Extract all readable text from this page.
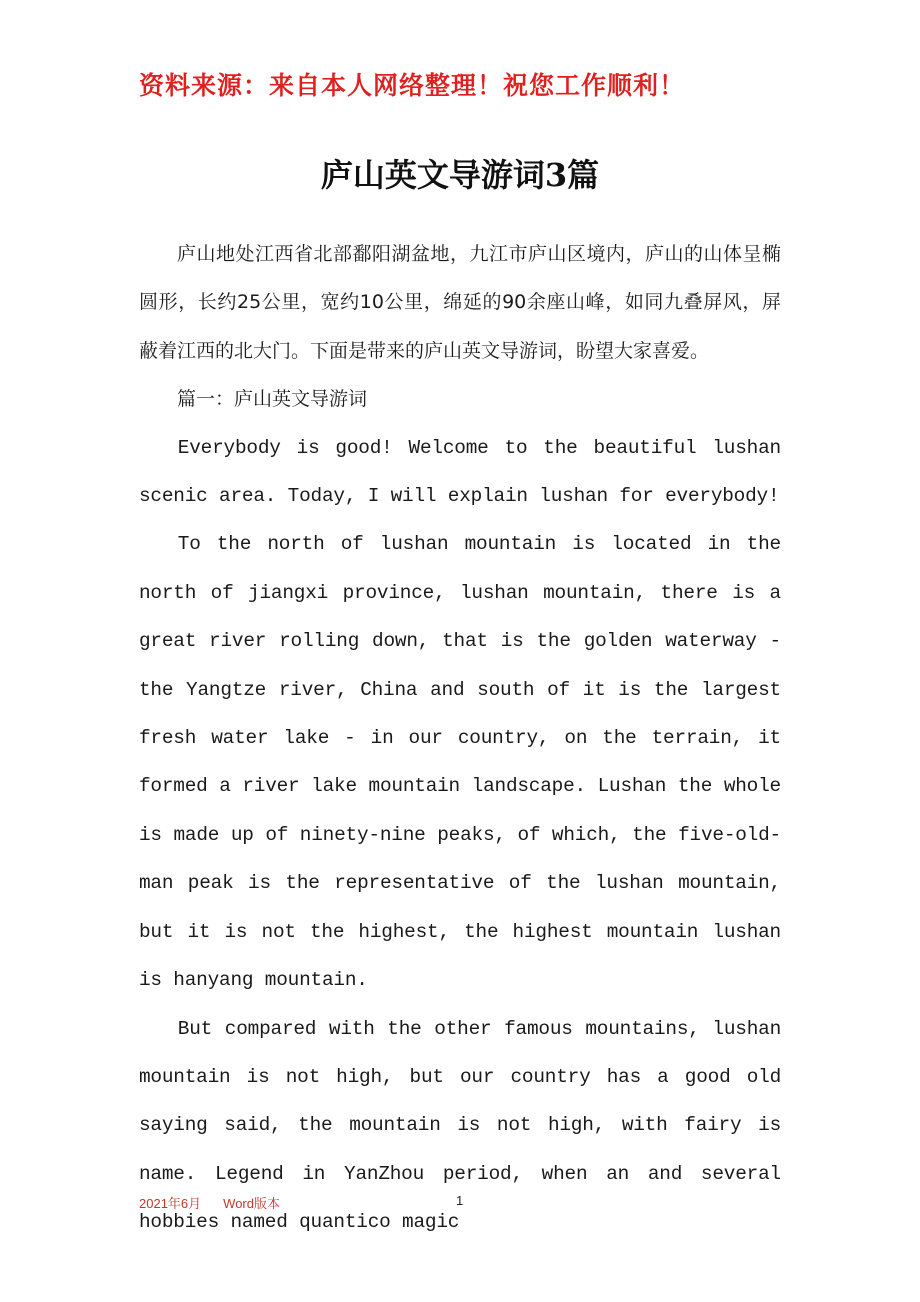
资料来源：来自本人网络整理！祝您工作顺利！
庐山英文导游词3篇

庐山地处江西省北部鄱阳湖盆地，九江市庐山区境内，庐山的山体呈椭圆形，长约25公里，宽约10公里，绵延的90余座山峰，如同九叠屏风，屏蔽着江西的北大门。下面是带来的庐山英文导游词，盼望大家喜爱。

篇一：庐山英文导游词

Everybody is good! Welcome to the beautiful lushan scenic area. Today, I will explain lushan for everybody!

To the north of lushan mountain is located in the north of jiangxi province, lushan mountain, there is a great river rolling down, that is the golden waterway - the Yangtze river, China and south of it is the largest fresh water lake - in our country, on the terrain, it formed a river lake mountain landscape. Lushan the whole is made up of ninety-nine peaks, of which, the five-old-man peak is the representative of the lushan mountain, but it is not the highest, the highest mountain lushan is hanyang mountain.

But compared with the other famous mountains, lushan mountain is not high, but our country has a good old saying said, the mountain is not high, with fairy is name. Legend in YanZhou period, when an and several hobbies named quantico magic

2021年6月 Word版本	1
